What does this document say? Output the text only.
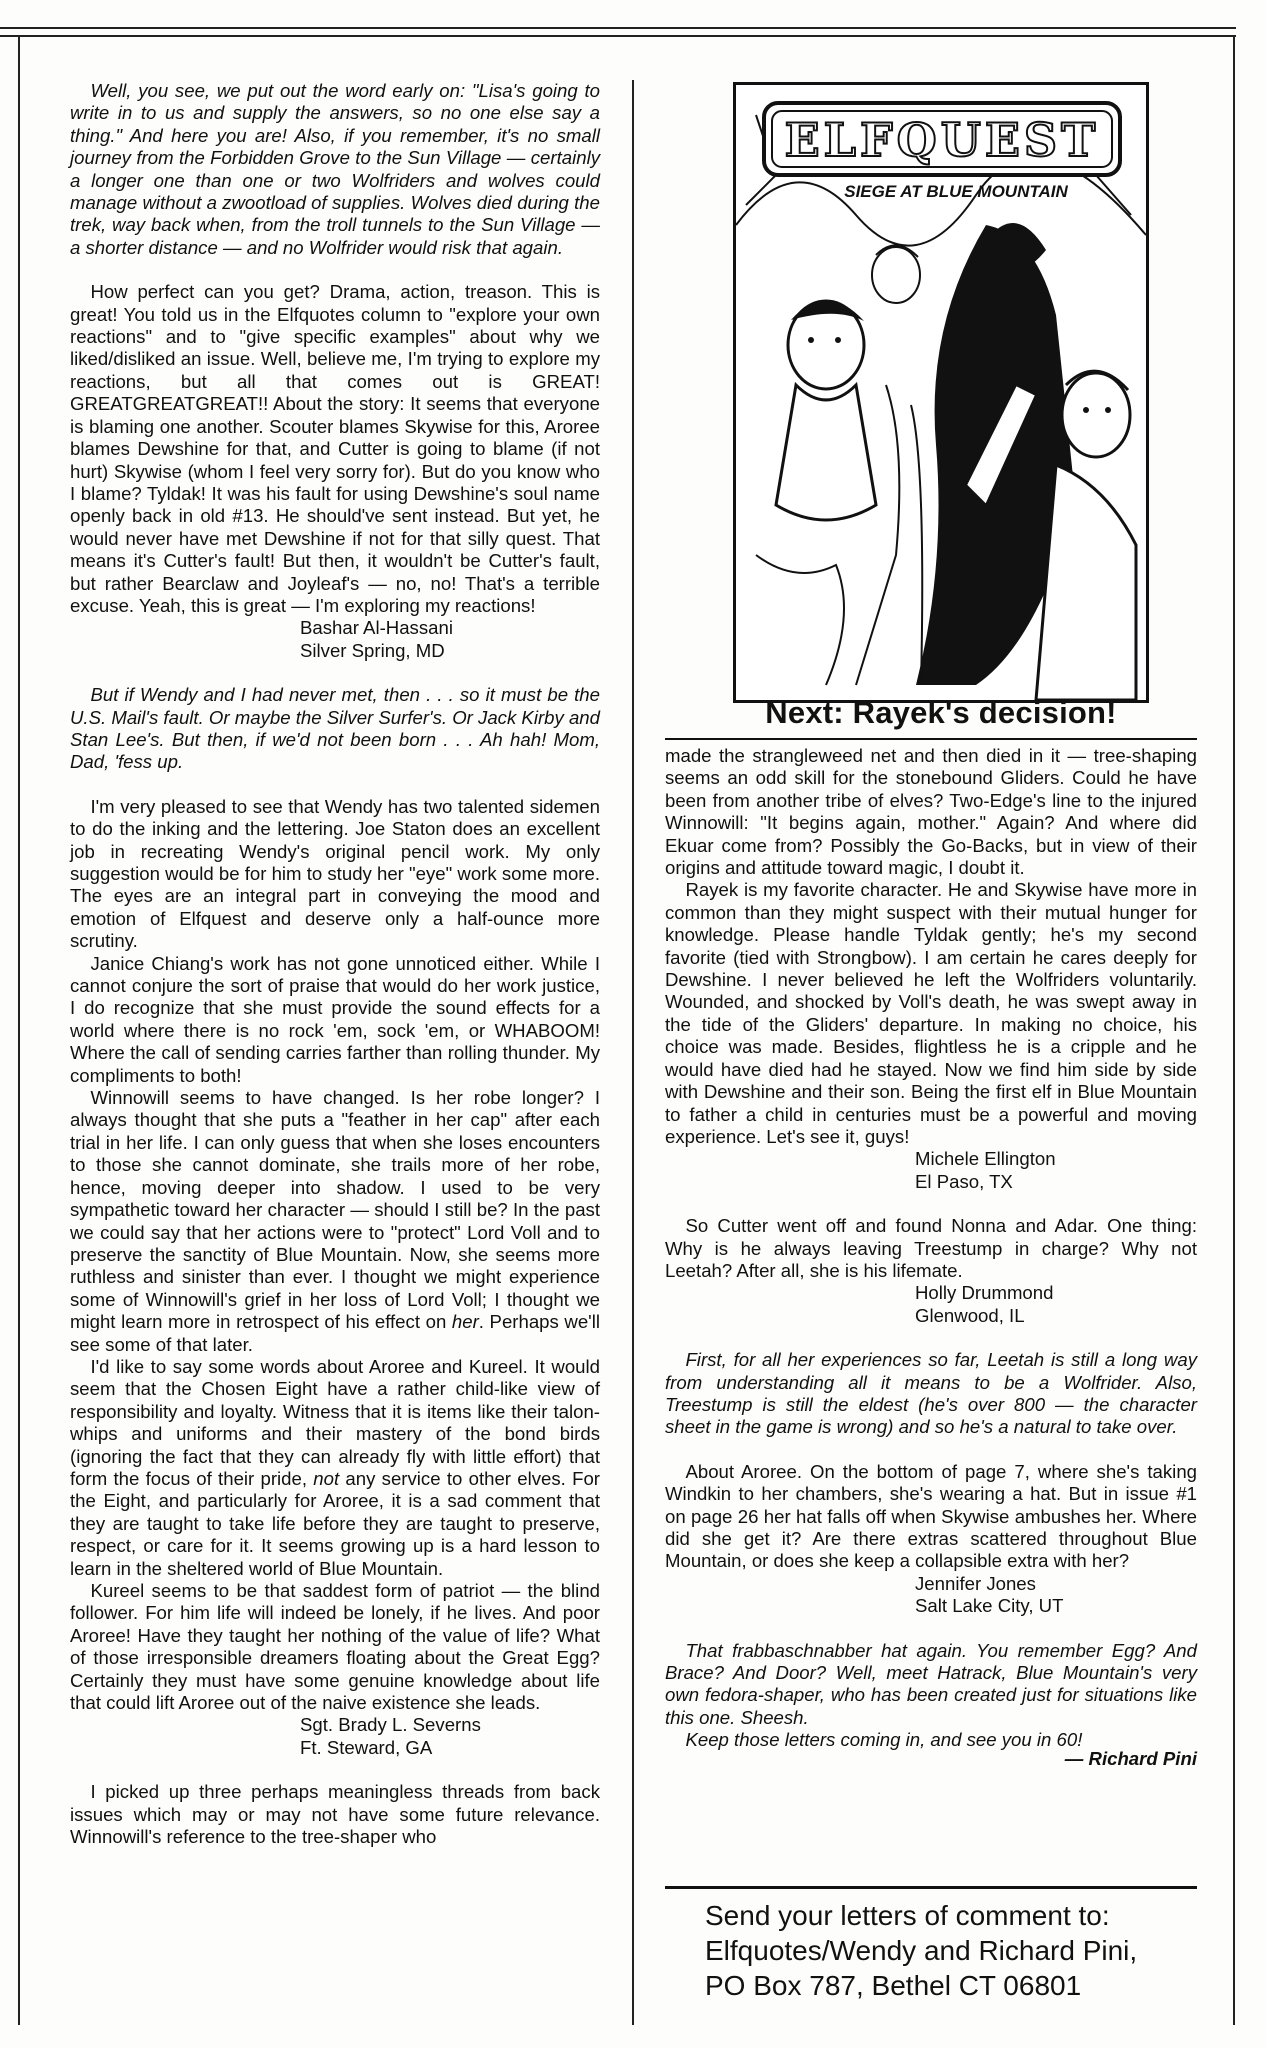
Well, you see, we put out the word early on: "Lisa's going to write in to us and supply the answers, so no one else say a thing." And here you are! Also, if you remember, it's no small journey from the Forbidden Grove to the Sun Village — certainly a longer one than one or two Wolfriders and wolves could manage without a zwootload of supplies. Wolves died during the trek, way back when, from the troll tunnels to the Sun Village — a shorter distance — and no Wolfrider would risk that again.

How perfect can you get? Drama, action, treason. This is great! You told us in the Elfquotes column to "explore your own reactions" and to "give specific examples" about why we liked/disliked an issue. Well, believe me, I'm trying to explore my reactions, but all that comes out is GREAT! GREATGREATGREAT!! About the story: It seems that everyone is blaming one another. Scouter blames Skywise for this, Aroree blames Dewshine for that, and Cutter is going to blame (if not hurt) Skywise (whom I feel very sorry for). But do you know who I blame? Tyldak! It was his fault for using Dewshine's soul name openly back in old #13. He should've sent instead. But yet, he would never have met Dewshine if not for that silly quest. That means it's Cutter's fault! But then, it wouldn't be Cutter's fault, but rather Bearclaw and Joyleaf's — no, no! That's a terrible excuse. Yeah, this is great — I'm exploring my reactions!

Bashar Al-Hassani
Silver Spring, MD

But if Wendy and I had never met, then . . . so it must be the U.S. Mail's fault. Or maybe the Silver Surfer's. Or Jack Kirby and Stan Lee's. But then, if we'd not been born . . . Ah hah! Mom, Dad, 'fess up.

I'm very pleased to see that Wendy has two talented sidemen to do the inking and the lettering. Joe Staton does an excellent job in recreating Wendy's original pencil work. My only suggestion would be for him to study her "eye" work some more. The eyes are an integral part in conveying the mood and emotion of Elfquest and deserve only a half-ounce more scrutiny.

Janice Chiang's work has not gone unnoticed either. While I cannot conjure the sort of praise that would do her work justice, I do recognize that she must provide the sound effects for a world where there is no rock 'em, sock 'em, or WHABOOM! Where the call of sending carries farther than rolling thunder. My compliments to both!

Winnowill seems to have changed. Is her robe longer? I always thought that she puts a "feather in her cap" after each trial in her life. I can only guess that when she loses encounters to those she cannot dominate, she trails more of her robe, hence, moving deeper into shadow. I used to be very sympathetic toward her character — should I still be? In the past we could say that her actions were to "protect" Lord Voll and to preserve the sanctity of Blue Mountain. Now, she seems more ruthless and sinister than ever. I thought we might experience some of Winnowill's grief in her loss of Lord Voll; I thought we might learn more in retrospect of his effect on her. Perhaps we'll see some of that later.

I'd like to say some words about Aroree and Kureel. It would seem that the Chosen Eight have a rather child-like view of responsibility and loyalty. Witness that it is items like their talon-whips and uniforms and their mastery of the bond birds (ignoring the fact that they can already fly with little effort) that form the focus of their pride, not any service to other elves. For the Eight, and particularly for Aroree, it is a sad comment that they are taught to take life before they are taught to preserve, respect, or care for it. It seems growing up is a hard lesson to learn in the sheltered world of Blue Mountain.

Kureel seems to be that saddest form of patriot — the blind follower. For him life will indeed be lonely, if he lives. And poor Aroree! Have they taught her nothing of the value of life? What of those irresponsible dreamers floating about the Great Egg? Certainly they must have some genuine knowledge about life that could lift Aroree out of the naive existence she leads.

Sgt. Brady L. Severns
Ft. Steward, GA

I picked up three perhaps meaningless threads from back issues which may or may not have some future relevance. Winnowill's reference to the tree-shaper who

ELFQUEST
SIEGE AT BLUE MOUNTAIN
Next: Rayek's decision!

made the strangleweed net and then died in it — tree-shaping seems an odd skill for the stonebound Gliders. Could he have been from another tribe of elves? Two-Edge's line to the injured Winnowill: "It begins again, mother." Again? And where did Ekuar come from? Possibly the Go-Backs, but in view of their origins and attitude toward magic, I doubt it.

Rayek is my favorite character. He and Skywise have more in common than they might suspect with their mutual hunger for knowledge. Please handle Tyldak gently; he's my second favorite (tied with Strongbow). I am certain he cares deeply for Dewshine. I never believed he left the Wolfriders voluntarily. Wounded, and shocked by Voll's death, he was swept away in the tide of the Gliders' departure. In making no choice, his choice was made. Besides, flightless he is a cripple and he would have died had he stayed. Now we find him side by side with Dewshine and their son. Being the first elf in Blue Mountain to father a child in centuries must be a powerful and moving experience. Let's see it, guys!

Michele Ellington
El Paso, TX

So Cutter went off and found Nonna and Adar. One thing: Why is he always leaving Treestump in charge? Why not Leetah? After all, she is his lifemate.

Holly Drummond
Glenwood, IL

First, for all her experiences so far, Leetah is still a long way from understanding all it means to be a Wolfrider. Also, Treestump is still the eldest (he's over 800 — the character sheet in the game is wrong) and so he's a natural to take over.

About Aroree. On the bottom of page 7, where she's taking Windkin to her chambers, she's wearing a hat. But in issue #1 on page 26 her hat falls off when Skywise ambushes her. Where did she get it? Are there extras scattered throughout Blue Mountain, or does she keep a collapsible extra with her?

Jennifer Jones
Salt Lake City, UT

That frabbaschnabber hat again. You remember Egg? And Brace? And Door? Well, meet Hatrack, Blue Mountain's very own fedora-shaper, who has been created just for situations like this one. Sheesh.

Keep those letters coming in, and see you in 60!

— Richard Pini
Send your letters of comment to:
Elfquotes/Wendy and Richard Pini,
PO Box 787, Bethel CT 06801
